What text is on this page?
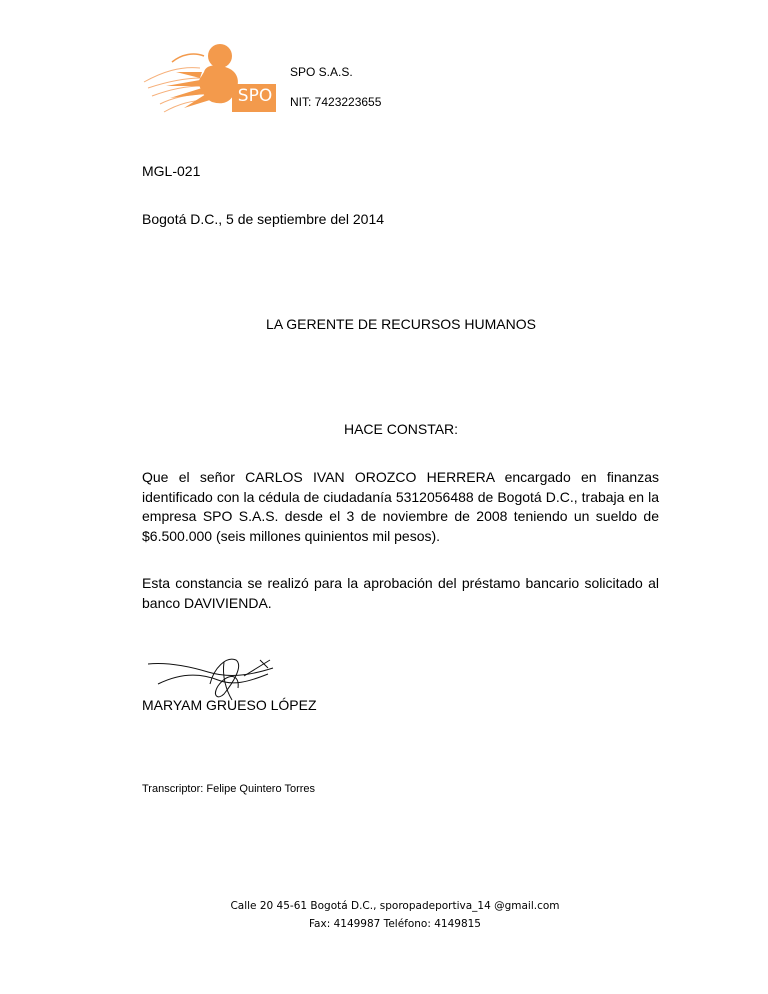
SPO
SPO S.A.S.
NIT: 7423223655
MGL-021
Bogotá D.C., 5 de septiembre del 2014
LA GERENTE DE RECURSOS HUMANOS
HACE CONSTAR:
Que el señor CARLOS IVAN OROZCO HERRERA encargado en finanzas identificado con la cédula de ciudadanía 5312056488 de Bogotá D.C., trabaja en la empresa SPO S.A.S. desde el 3 de noviembre de 2008 teniendo un sueldo de $6.500.000 (seis millones quinientos mil pesos).
Esta constancia se realizó para la aprobación del préstamo bancario solicitado al banco DAVIVIENDA.
MARYAM GRUESO LÓPEZ
Transcriptor: Felipe Quintero Torres
Calle 20 45-61 Bogotá D.C., sporopadeportiva_14 @gmail.com
Fax: 4149987 Teléfono: 4149815
